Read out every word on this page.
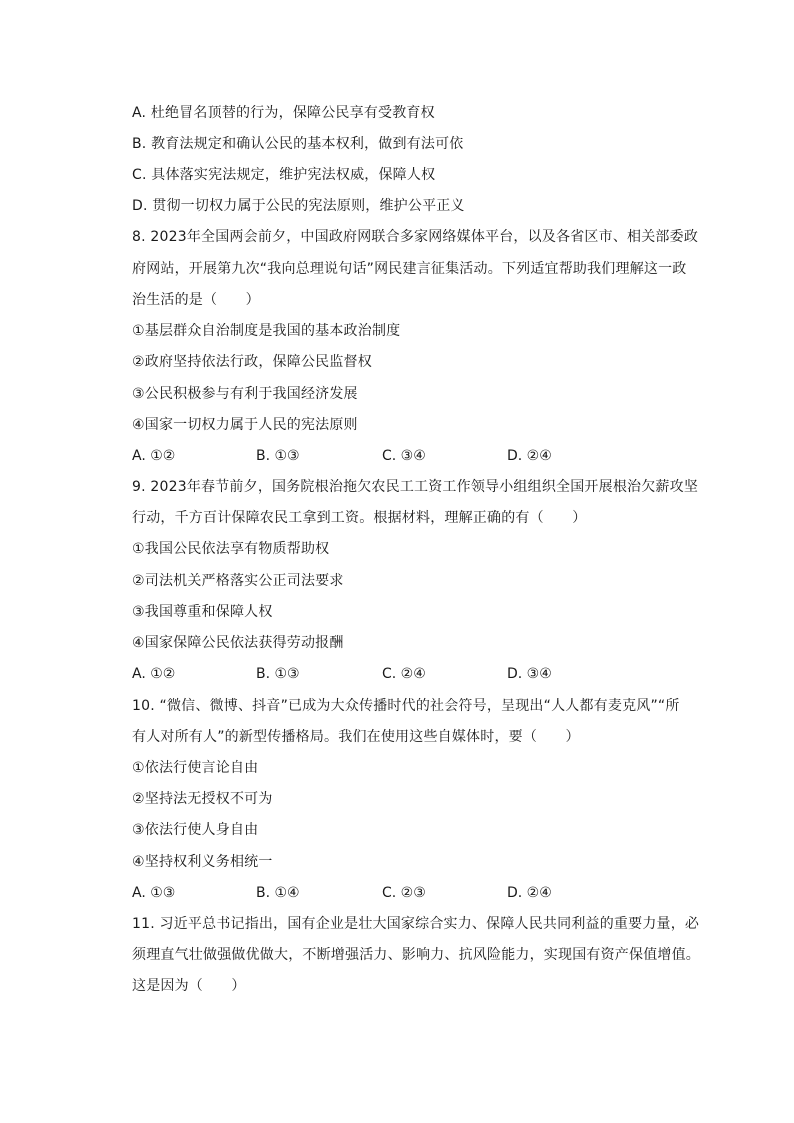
A. 杜绝冒名顶替的行为，保障公民享有受教育权
B. 教育法规定和确认公民的基本权利，做到有法可依
C. 具体落实宪法规定，维护宪法权威，保障人权
D. 贯彻一切权力属于公民的宪法原则，维护公平正义
8. 2023年全国两会前夕，中国政府网联合多家网络媒体平台，以及各省区市、相关部委政
府网站，开展第九次“我向总理说句话”网民建言征集活动。下列适宜帮助我们理解这一政
治生活的是（　　）
①基层群众自治制度是我国的基本政治制度
②政府坚持依法行政，保障公民监督权
③公民积极参与有利于我国经济发展
④国家一切权力属于人民的宪法原则
A. ①②	B. ①③	C. ③④	D. ②④
9. 2023年春节前夕，国务院根治拖欠农民工工资工作领导小组组织全国开展根治欠薪攻坚
行动，千方百计保障农民工拿到工资。根据材料，理解正确的有（　　）
①我国公民依法享有物质帮助权
②司法机关严格落实公正司法要求
③我国尊重和保障人权
④国家保障公民依法获得劳动报酬
A. ①②	B. ①③	C. ②④	D. ③④
10. “微信、微博、抖音”已成为大众传播时代的社会符号，呈现出“人人都有麦克风”“所
有人对所有人”的新型传播格局。我们在使用这些自媒体时，要（　　）
①依法行使言论自由
②坚持法无授权不可为
③依法行使人身自由
④坚持权利义务相统一
A. ①③	B. ①④	C. ②③	D. ②④
11. 习近平总书记指出，国有企业是壮大国家综合实力、保障人民共同利益的重要力量，必
须理直气壮做强做优做大，不断增强活力、影响力、抗风险能力，实现国有资产保值增值。
这是因为（　　）
